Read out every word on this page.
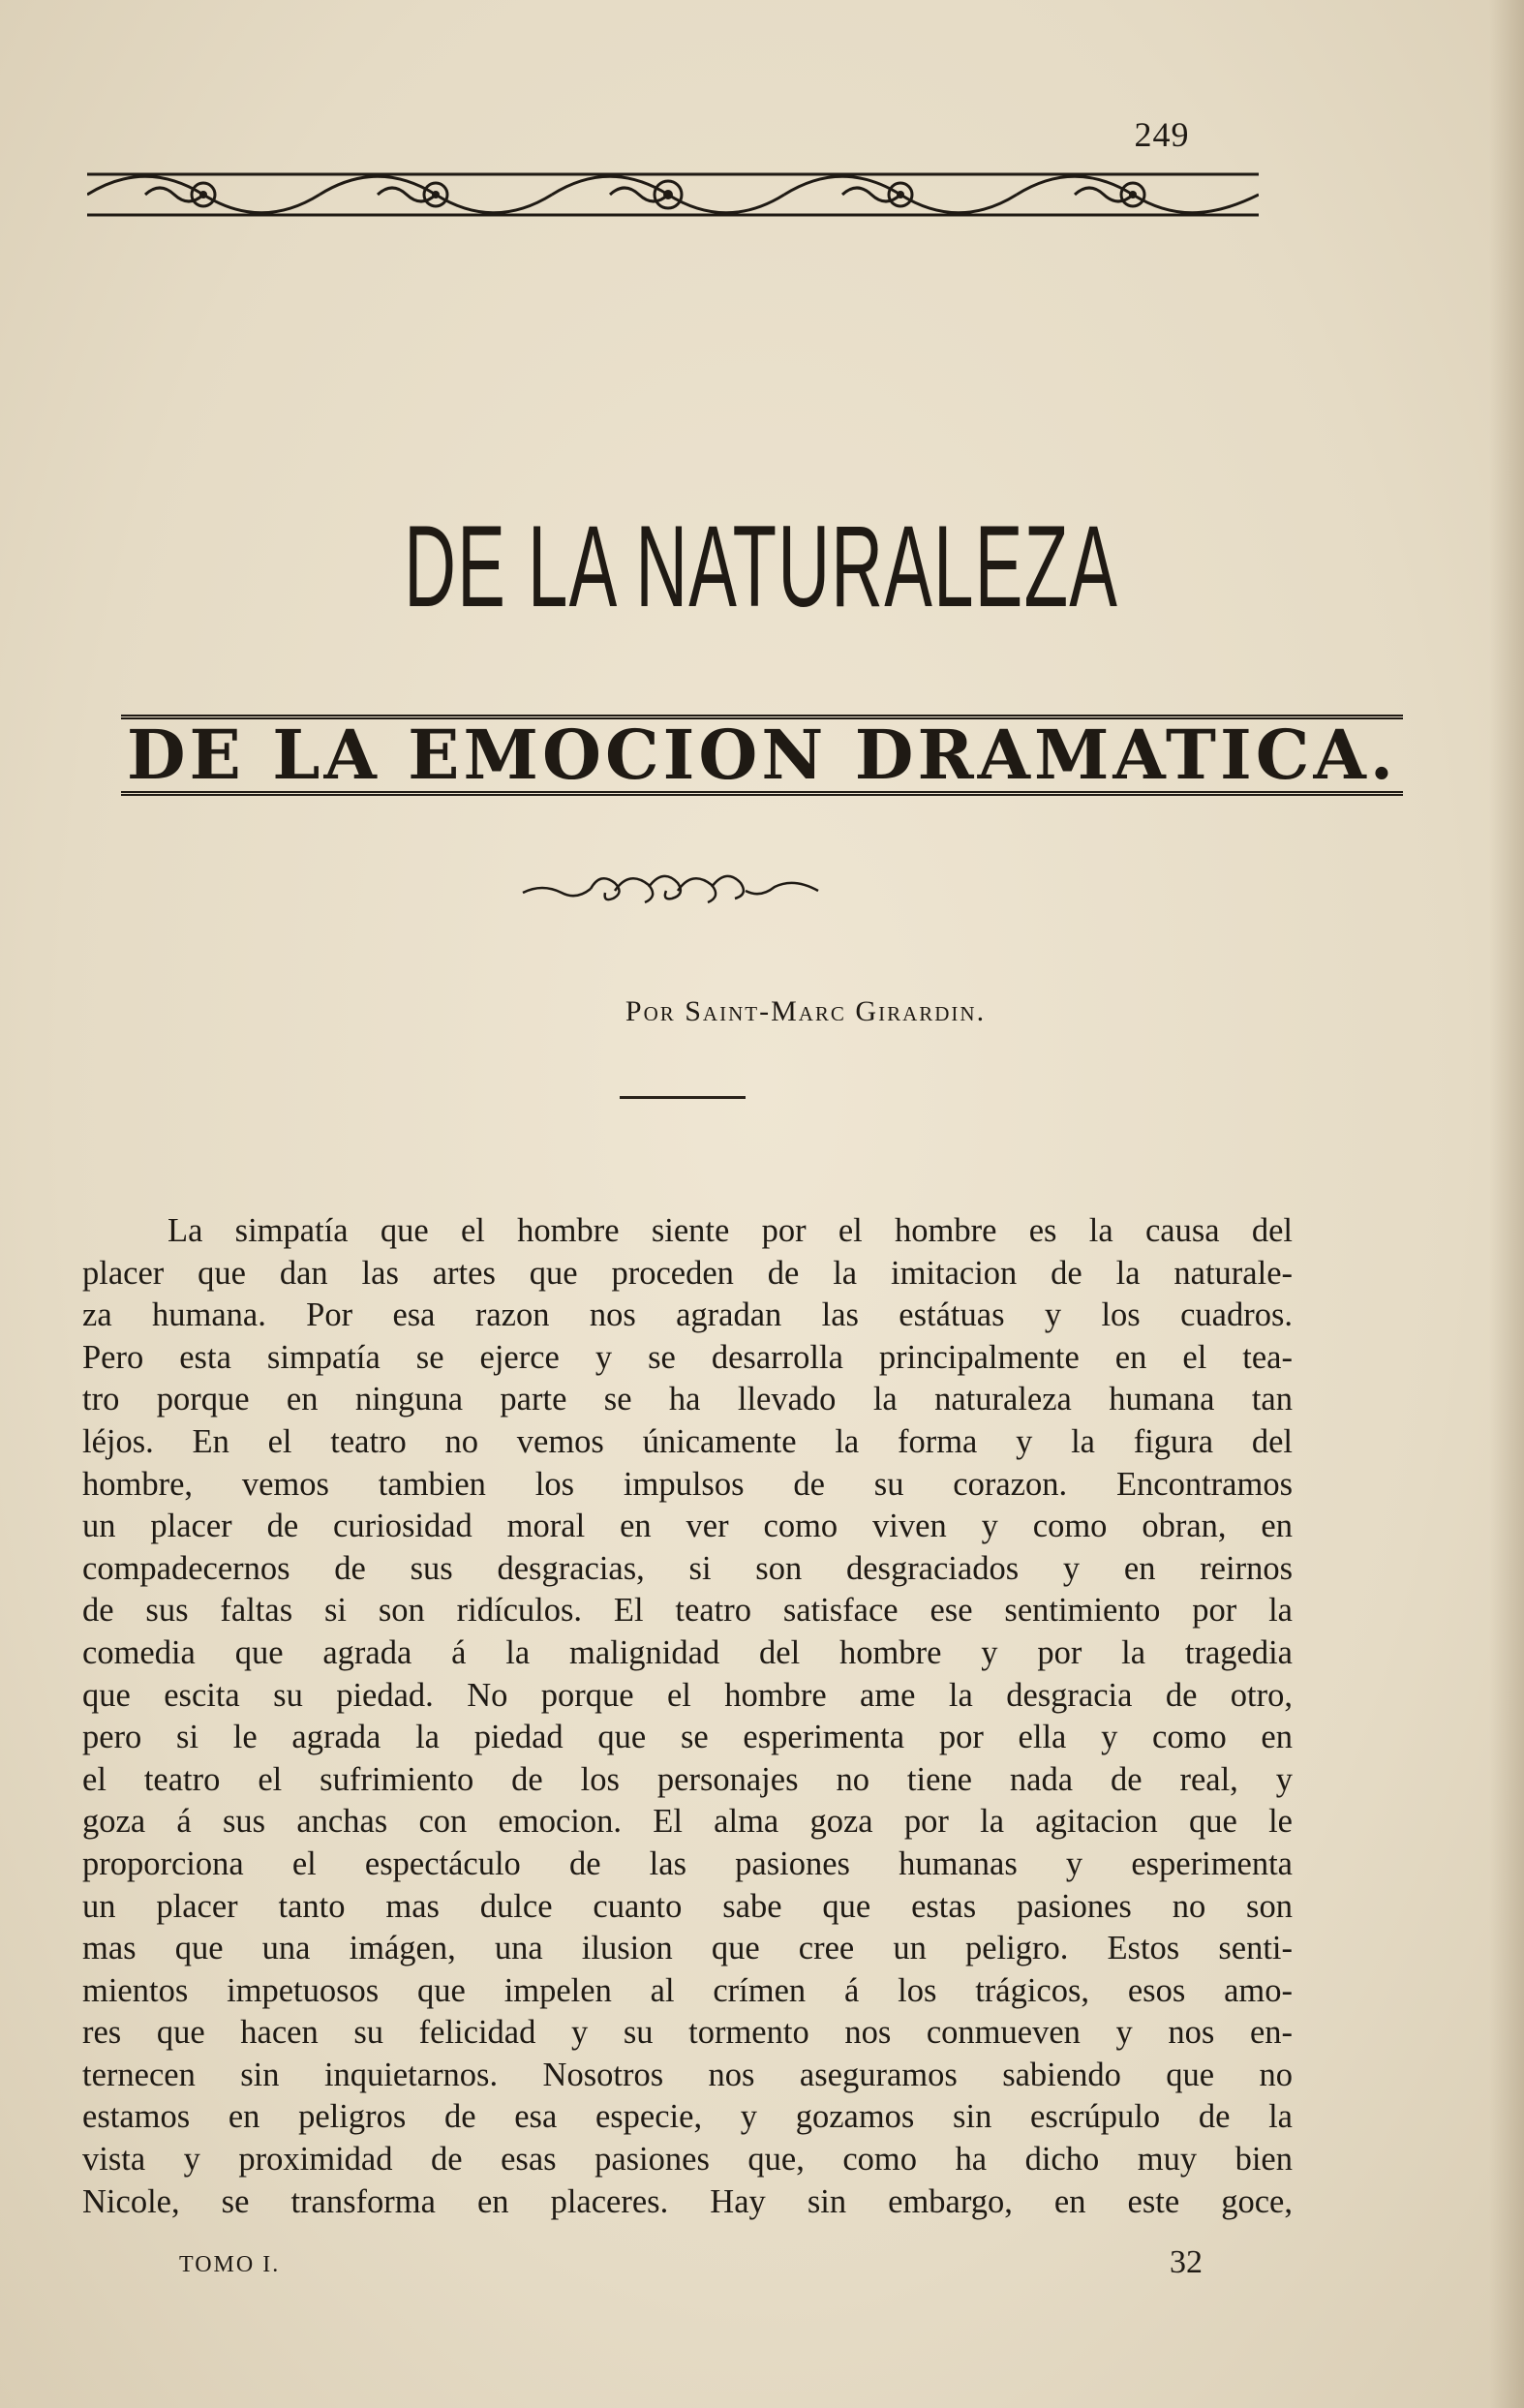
249
DE LA NATURALEZA
DE LA EMOCION DRAMATICA.
Por Saint-Marc Girardin.
La simpatía que el hombre siente por el hombre es la causa del
placer que dan las artes que proceden de la imitacion de la naturale-
za humana. Por esa razon nos agradan las estátuas y los cuadros.
Pero esta simpatía se ejerce y se desarrolla principalmente en el tea-
tro porque en ninguna parte se ha llevado la naturaleza humana tan
léjos. En el teatro no vemos únicamente la forma y la figura del
hombre, vemos tambien los impulsos de su corazon. Encontramos
un placer de curiosidad moral en ver como viven y como obran, en
compadecernos de sus desgracias, si son desgraciados y en reirnos
de sus faltas si son ridículos. El teatro satisface ese sentimiento por la
comedia que agrada á la malignidad del hombre y por la tragedia
que escita su piedad. No porque el hombre ame la desgracia de otro,
pero si le agrada la piedad que se esperimenta por ella y como en
el teatro el sufrimiento de los personajes no tiene nada de real, y
goza á sus anchas con emocion. El alma goza por la agitacion que le
proporciona el espectáculo de las pasiones humanas y esperimenta
un placer tanto mas dulce cuanto sabe que estas pasiones no son
mas que una imágen, una ilusion que cree un peligro. Estos senti-
mientos impetuosos que impelen al crímen á los trágicos, esos amo-
res que hacen su felicidad y su tormento nos conmueven y nos en-
ternecen sin inquietarnos. Nosotros nos aseguramos sabiendo que no
estamos en peligros de esa especie, y gozamos sin escrúpulo de la
vista y proximidad de esas pasiones que, como ha dicho muy bien
Nicole, se transforma en placeres. Hay sin embargo, en este goce,
TOMO I.	32
